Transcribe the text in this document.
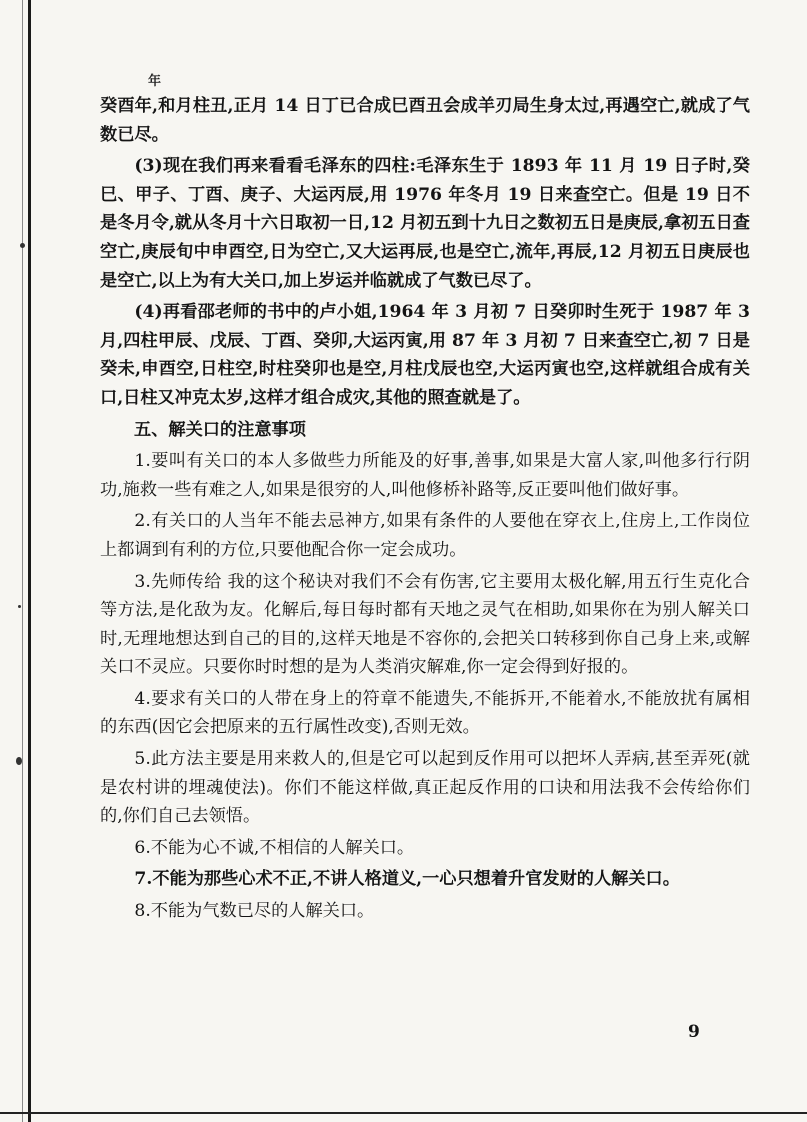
年

癸酉年,和月柱丑,正月 14 日丁已合成巳酉丑会成羊刃局生身太过,再遇空亡,就成了气数已尽。

(3)现在我们再来看看毛泽东的四柱:毛泽东生于 1893 年 11 月 19 日子时,癸巳、甲子、丁酉、庚子、大运丙辰,用 1976 年冬月 19 日来查空亡。但是 19 日不是冬月令,就从冬月十六日取初一日,12 月初五到十九日之数初五日是庚辰,拿初五日查空亡,庚辰旬中申酉空,日为空亡,又大运再辰,也是空亡,流年,再辰,12 月初五日庚辰也是空亡,以上为有大关口,加上岁运并临就成了气数已尽了。

(4)再看邵老师的书中的卢小姐,1964 年 3 月初 7 日癸卯时生死于 1987 年 3 月,四柱甲辰、戊辰、丁酉、癸卯,大运丙寅,用 87 年 3 月初 7 日来查空亡,初 7 日是癸未,申酉空,日柱空,时柱癸卯也是空,月柱戊辰也空,大运丙寅也空,这样就组合成有关口,日柱又冲克太岁,这样才组合成灾,其他的照查就是了。

五、解关口的注意事项

1.要叫有关口的本人多做些力所能及的好事,善事,如果是大富人家,叫他多行行阴功,施救一些有难之人,如果是很穷的人,叫他修桥补路等,反正要叫他们做好事。

2.有关口的人当年不能去忌神方,如果有条件的人要他在穿衣上,住房上,工作岗位上都调到有利的方位,只要他配合你一定会成功。

3.先师传给 我的这个秘诀对我们不会有伤害,它主要用太极化解,用五行生克化合等方法,是化敌为友。化解后,每日每时都有天地之灵气在相助,如果你在为别人解关口时,无理地想达到自己的目的,这样天地是不容你的,会把关口转移到你自己身上来,或解关口不灵应。只要你时时想的是为人类消灾解难,你一定会得到好报的。

4.要求有关口的人带在身上的符章不能遗失,不能拆开,不能着水,不能放扰有属相的东西(因它会把原来的五行属性改变),否则无效。

5.此方法主要是用来救人的,但是它可以起到反作用可以把坏人弄病,甚至弄死(就是农村讲的埋魂使法)。你们不能这样做,真正起反作用的口诀和用法我不会传给你们的,你们自己去领悟。

6.不能为心不诚,不相信的人解关口。

7.不能为那些心术不正,不讲人格道义,一心只想着升官发财的人解关口。

8.不能为气数已尽的人解关口。

9
